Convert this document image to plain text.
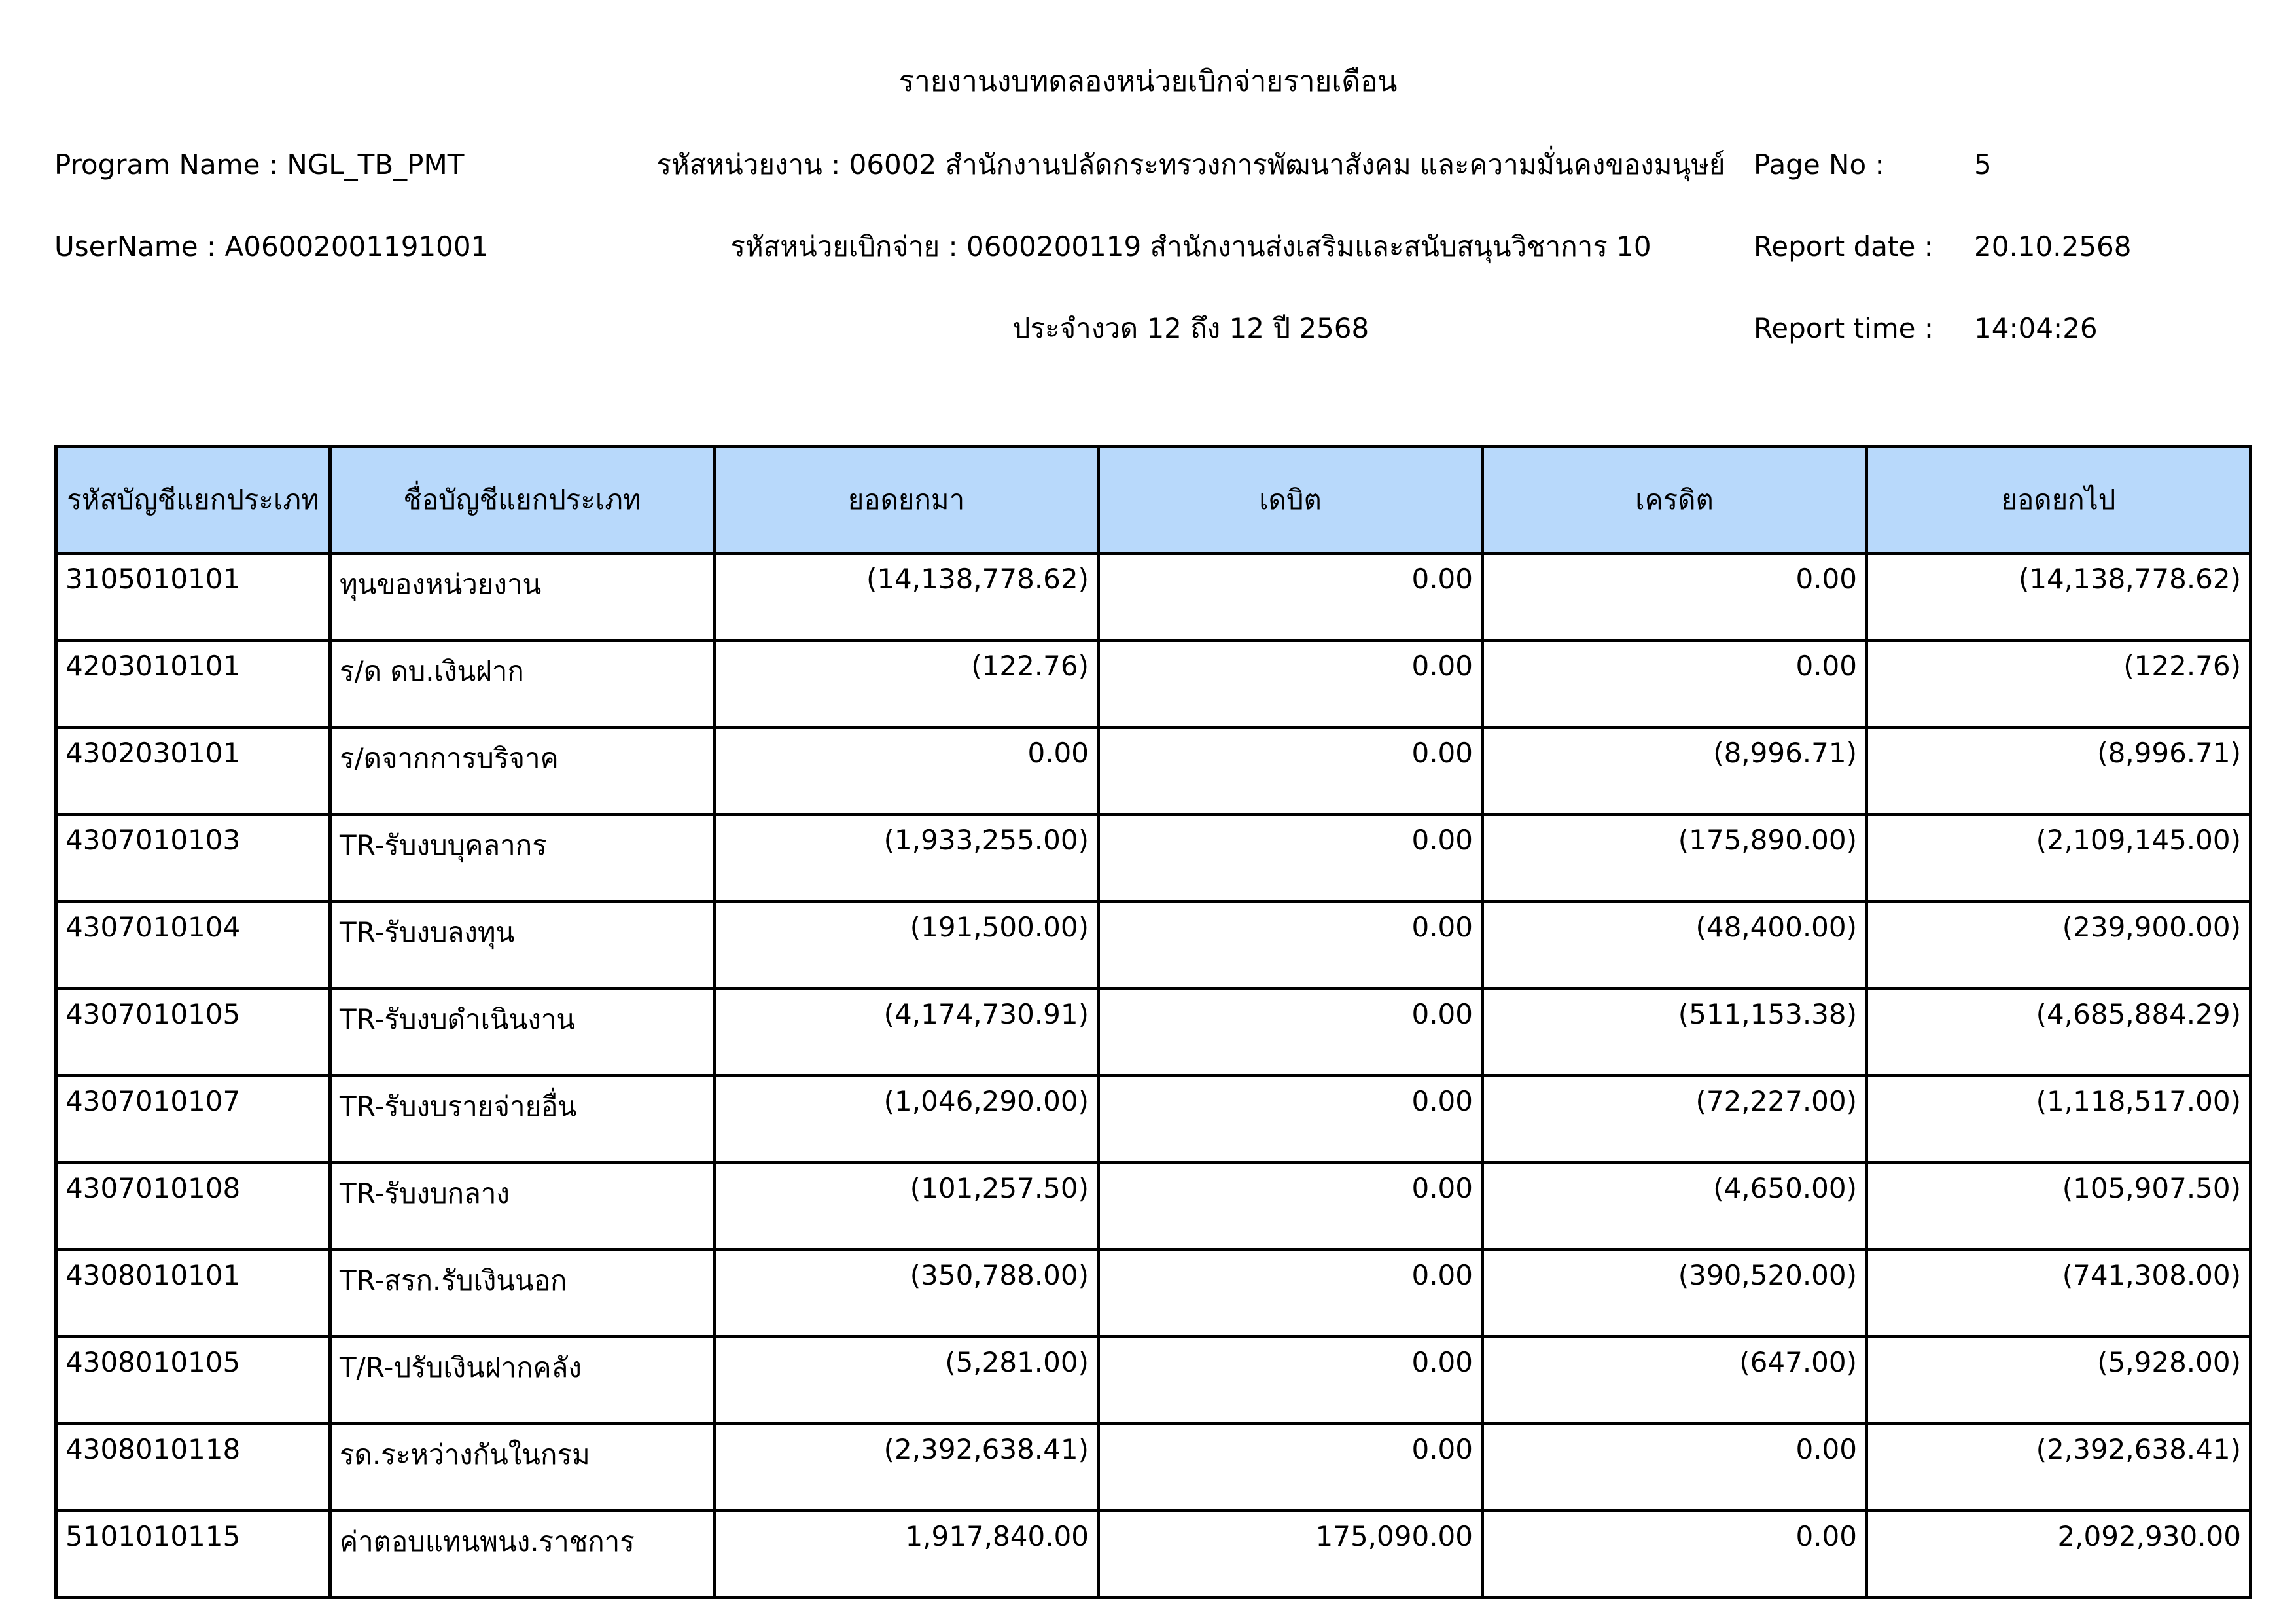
รายงานงบทดลองหน่วยเบิกจ่ายรายเดือน
Program Name : NGL_TB_PMT	รหัสหน่วยงาน : 06002 สำนักงานปลัดกระทรวงการพัฒนาสังคม และความมั่นคงของมนุษย์	Page No :	5
UserName : A06002001191001	รหัสหน่วยเบิกจ่าย : 0600200119 สำนักงานส่งเสริมและสนับสนุนวิชาการ 10	Report date : 20.10.2568
ประจำงวด 12 ถึง 12 ปี 2568	Report time : 14:04:26
รหัสบัญชีแยกประเภท	ชื่อบัญชีแยกประเภท	ยอดยกมา	เดบิต	เครดิต	ยอดยกไป
3105010101	ทุนของหน่วยงาน	(14,138,778.62)	0.00	0.00	(14,138,778.62)
4203010101	ร/ด ดบ.เงินฝาก	(122.76)	0.00	0.00	(122.76)
4302030101	ร/ดจากการบริจาค	0.00	0.00	(8,996.71)	(8,996.71)
4307010103	TR-รับงบบุคลากร	(1,933,255.00)	0.00	(175,890.00)	(2,109,145.00)
4307010104	TR-รับงบลงทุน	(191,500.00)	0.00	(48,400.00)	(239,900.00)
4307010105	TR-รับงบดำเนินงาน	(4,174,730.91)	0.00	(511,153.38)	(4,685,884.29)
4307010107	TR-รับงบรายจ่ายอื่น	(1,046,290.00)	0.00	(72,227.00)	(1,118,517.00)
4307010108	TR-รับงบกลาง	(101,257.50)	0.00	(4,650.00)	(105,907.50)
4308010101	TR-สรก.รับเงินนอก	(350,788.00)	0.00	(390,520.00)	(741,308.00)
4308010105	T/R-ปรับเงินฝากคลัง	(5,281.00)	0.00	(647.00)	(5,928.00)
4308010118	รด.ระหว่างกันในกรม	(2,392,638.41)	0.00	0.00	(2,392,638.41)
5101010115	ค่าตอบแทนพนง.ราชการ	1,917,840.00	175,090.00	0.00	2,092,930.00
